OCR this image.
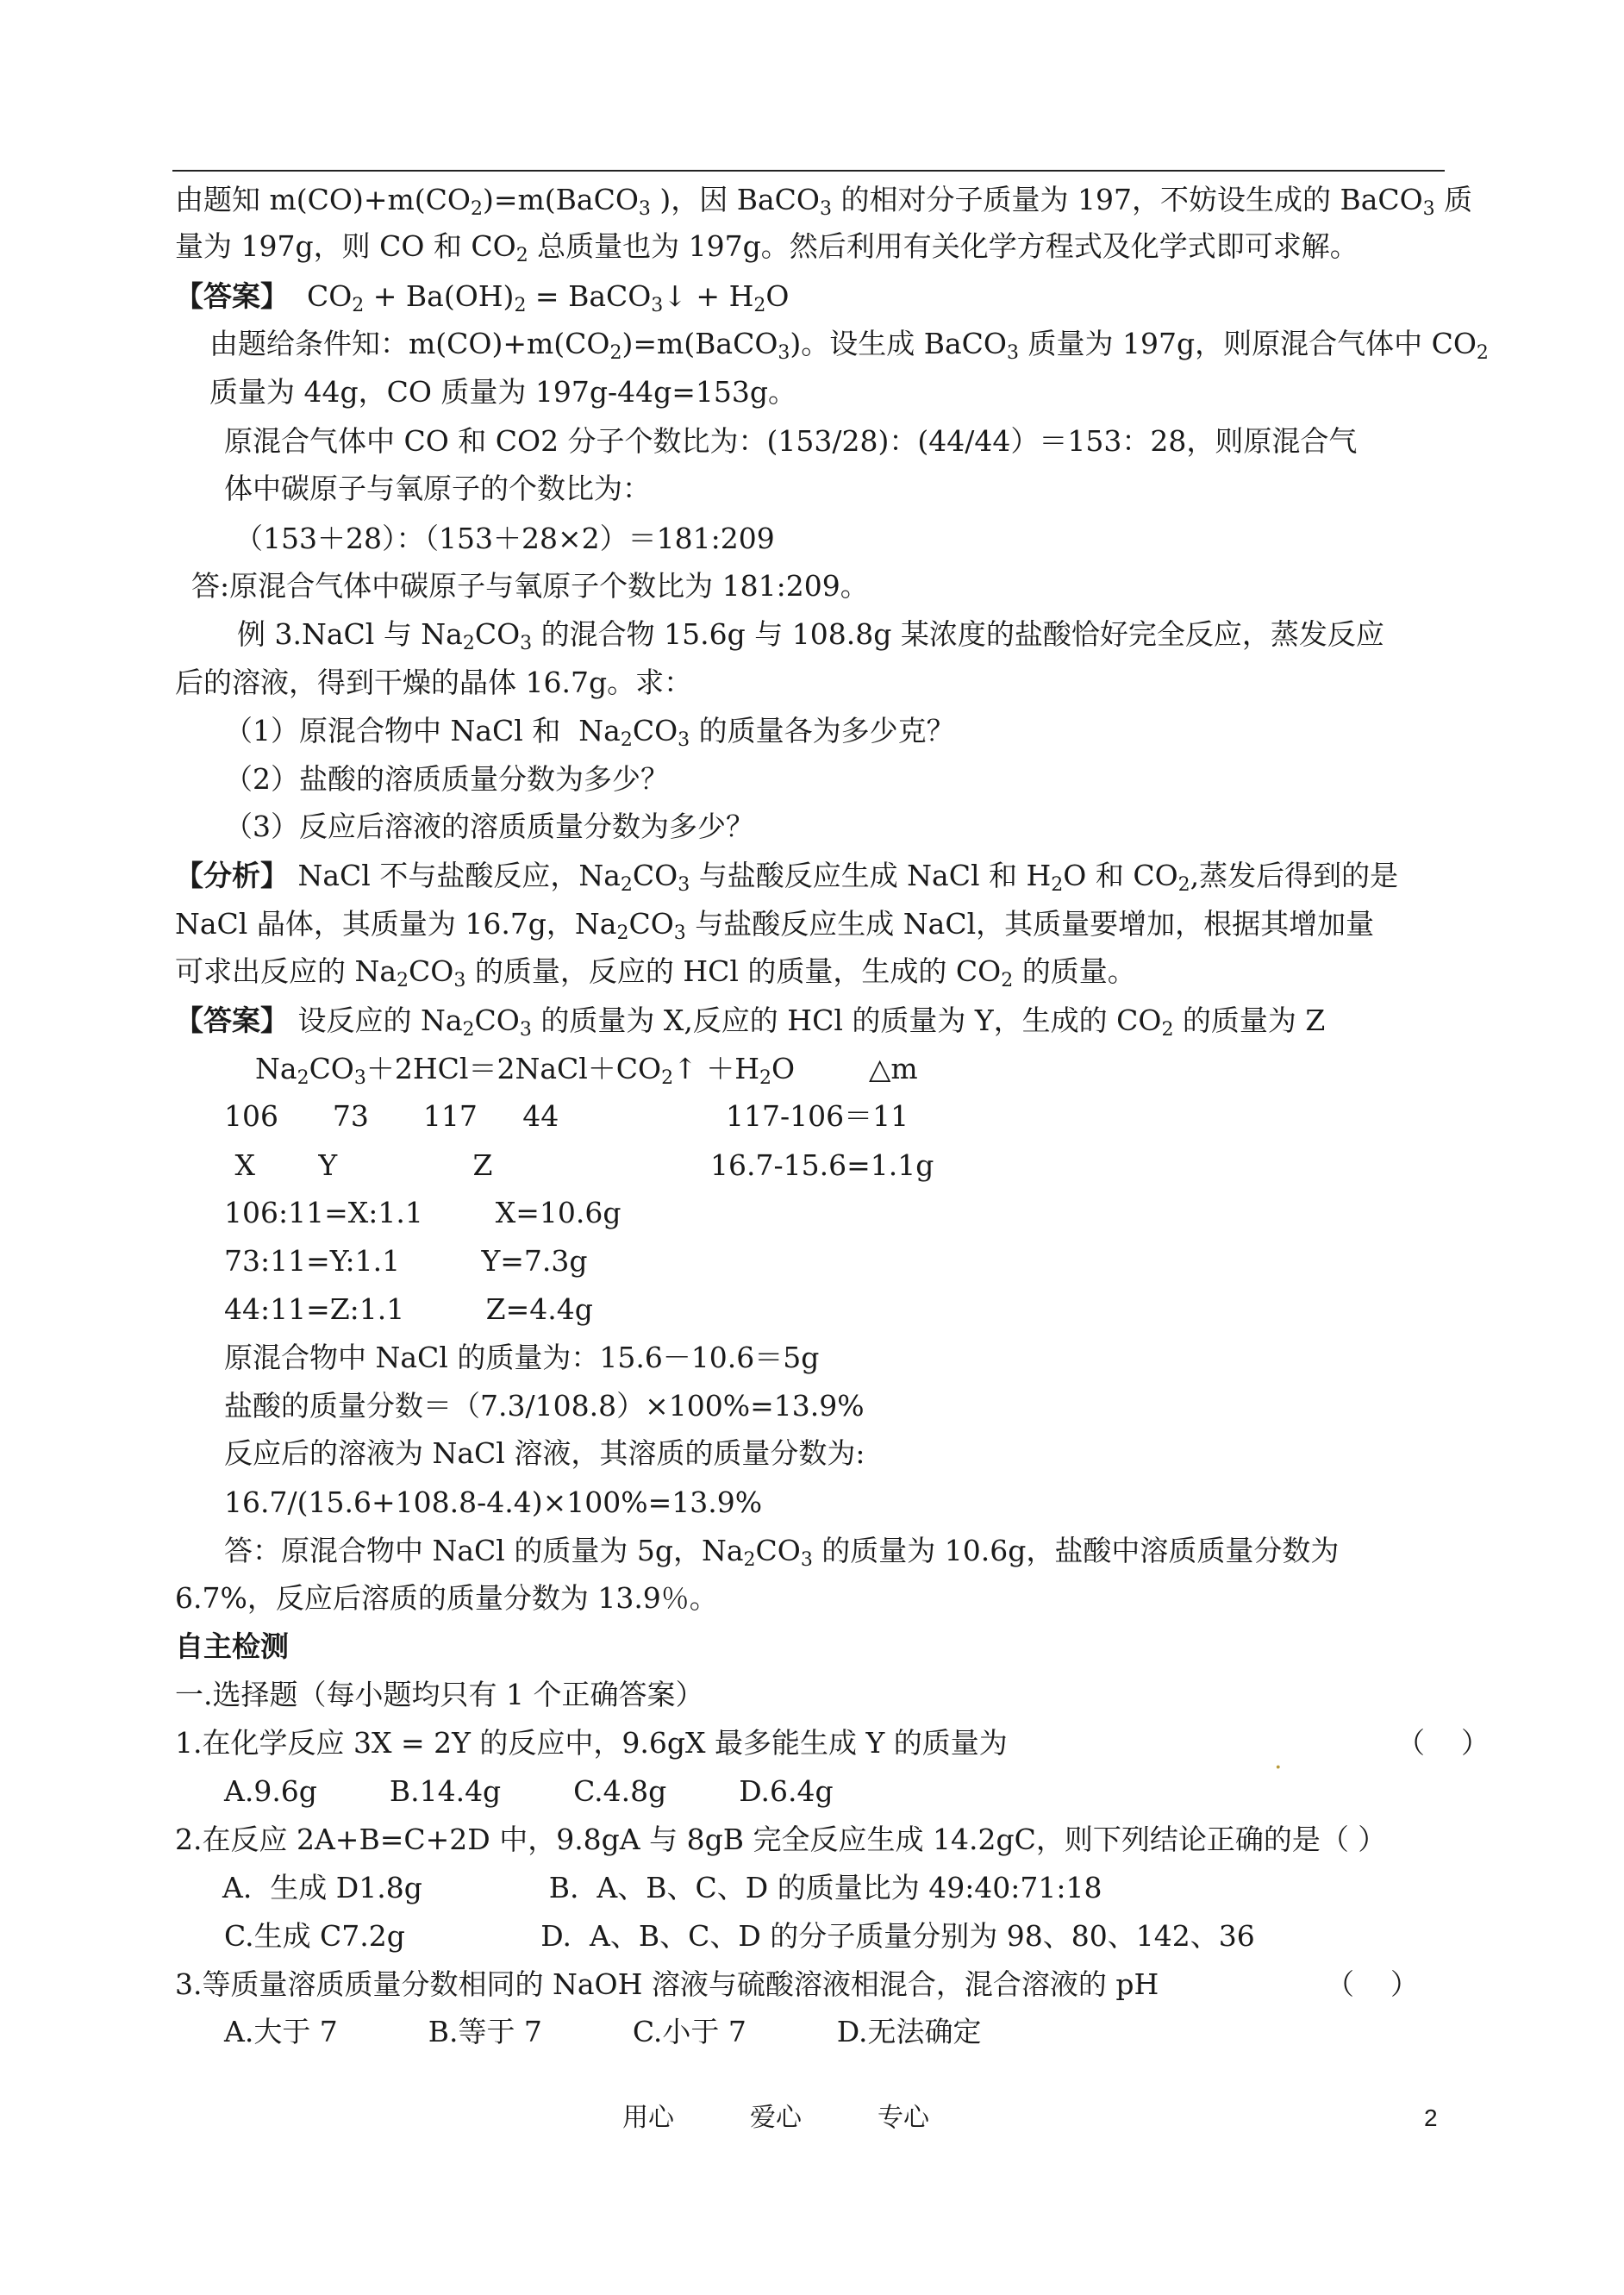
由题知 $m(CO)+m(CO_2)=m(BaCO_3$ )，因 BaCO$_3$ 的相对分子质量为 197，不妨设生成的 BaCO$_3$ 质
量为 197g，则 CO 和 $CO_2$ 总质量也为 197g。然后利用有关化学方程式及化学式即可求解。
【答案】  $CO_2 + Ba(OH)_2$ = BaCO$_3$↓ + $H_2O$
由题给条件知：$m(CO)+m(CO_2)=m(BaCO_3)$。设生成 BaCO$_3$ 质量为 197g，则原混合气体中 $CO_2$
质量为 44g，CO 质量为 197g-44g=153g。
原混合气体中 CO 和 CO2 分子个数比为：(153/28)：(44/44）＝153：28，则原混合气
体中碳原子与氧原子的个数比为：
（153＋28）：（153＋28×2）＝181:209
答:原混合气体中碳原子与氧原子个数比为 181:209。
例 3.NaCl 与 $Na_2CO_3$ 的混合物 15.6g 与 108.8g 某浓度的盐酸恰好完全反应，蒸发反应
后的溶液，得到干燥的晶体 16.7g。求：
（1）原混合物中 NaCl 和  $Na_2CO_3$ 的质量各为多少克？
（2）盐酸的溶质质量分数为多少？
（3）反应后溶液的溶质质量分数为多少？
【分析】 NaCl 不与盐酸反应，$Na_2CO_3$ 与盐酸反应生成 NaCl 和 $H_2O$ 和 $CO_2$,蒸发后得到的是
NaCl 晶体，其质量为 16.7g，$Na_2CO_3$ 与盐酸反应生成 NaCl，其质量要增加，根据其增加量
可求出反应的 $Na_2CO_3$ 的质量，反应的 HCl 的质量，生成的 $CO_2$ 的质量。
【答案】 设反应的 $Na_2CO_3$ 的质量为 X,反应的 HCl 的质量为 Y，生成的 $CO_2$ 的质量为 Z
$Na_2CO_3+2HCl=2NaCl+CO_2↑ +H_2O$	△m
106      73      117     44	117-106＝11
X       Y               Z	16.7-15.6=1.1g
106:11=X:1.1        X=10.6g
73:11=Y:1.1         Y=7.3g
44:11=Z:1.1         Z=4.4g
原混合物中 NaCl 的质量为：15.6－10.6＝5g
盐酸的质量分数＝（7.3/108.8）×100%=13.9%
反应后的溶液为 NaCl 溶液，其溶质的质量分数为:
16.7/(15.6+108.8-4.4)×100%=13.9%
答：原混合物中 NaCl 的质量为 5g，$Na_2CO_3$ 的质量为 10.6g，盐酸中溶质质量分数为
6.7%，反应后溶质的质量分数为 13.9％。
自主检测
一.选择题（每小题均只有 1 个正确答案）
1.在化学反应 3X = 2Y 的反应中，9.6gX 最多能生成 Y 的质量为
.
（    ）
A.9.6g        B.14.4g        C.4.8g        D.6.4g
2.在反应 2A+B=C+2D 中，9.8gA 与 8gB 完全反应生成 14.2gC，则下列结论正确的是（ ）
A.  生成 D1.8g              B.  A、B、C、D 的质量比为 49:40:71:18
C.生成 C7.2g               D.  A、B、C、D 的分子质量分别为 98、80、142、36
3.等质量溶质质量分数相同的 NaOH 溶液与硫酸溶液相混合，混合溶液的 pH	（    ）
A.大于 7          B.等于 7          C.小于 7          D.无法确定
用心	爱心	专心	2
